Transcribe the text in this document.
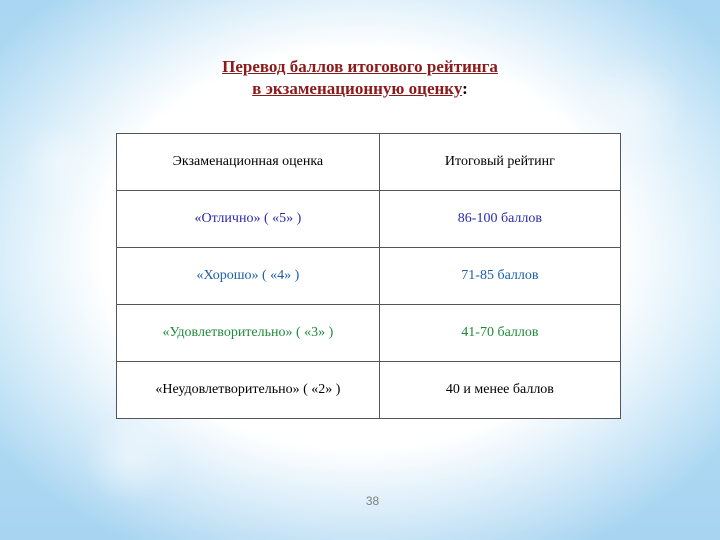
Перевод баллов итогового рейтинга
в экзаменационную оценку:
Экзаменационная оценка	Итоговый рейтинг
«Отлично» ( «5» )	86-100 баллов
«Хорошо» ( «4» )	71-85 баллов
«Удовлетворительно» ( «3» )	41-70 баллов
«Неудовлетворительно» ( «2» )	40 и менее баллов
38
